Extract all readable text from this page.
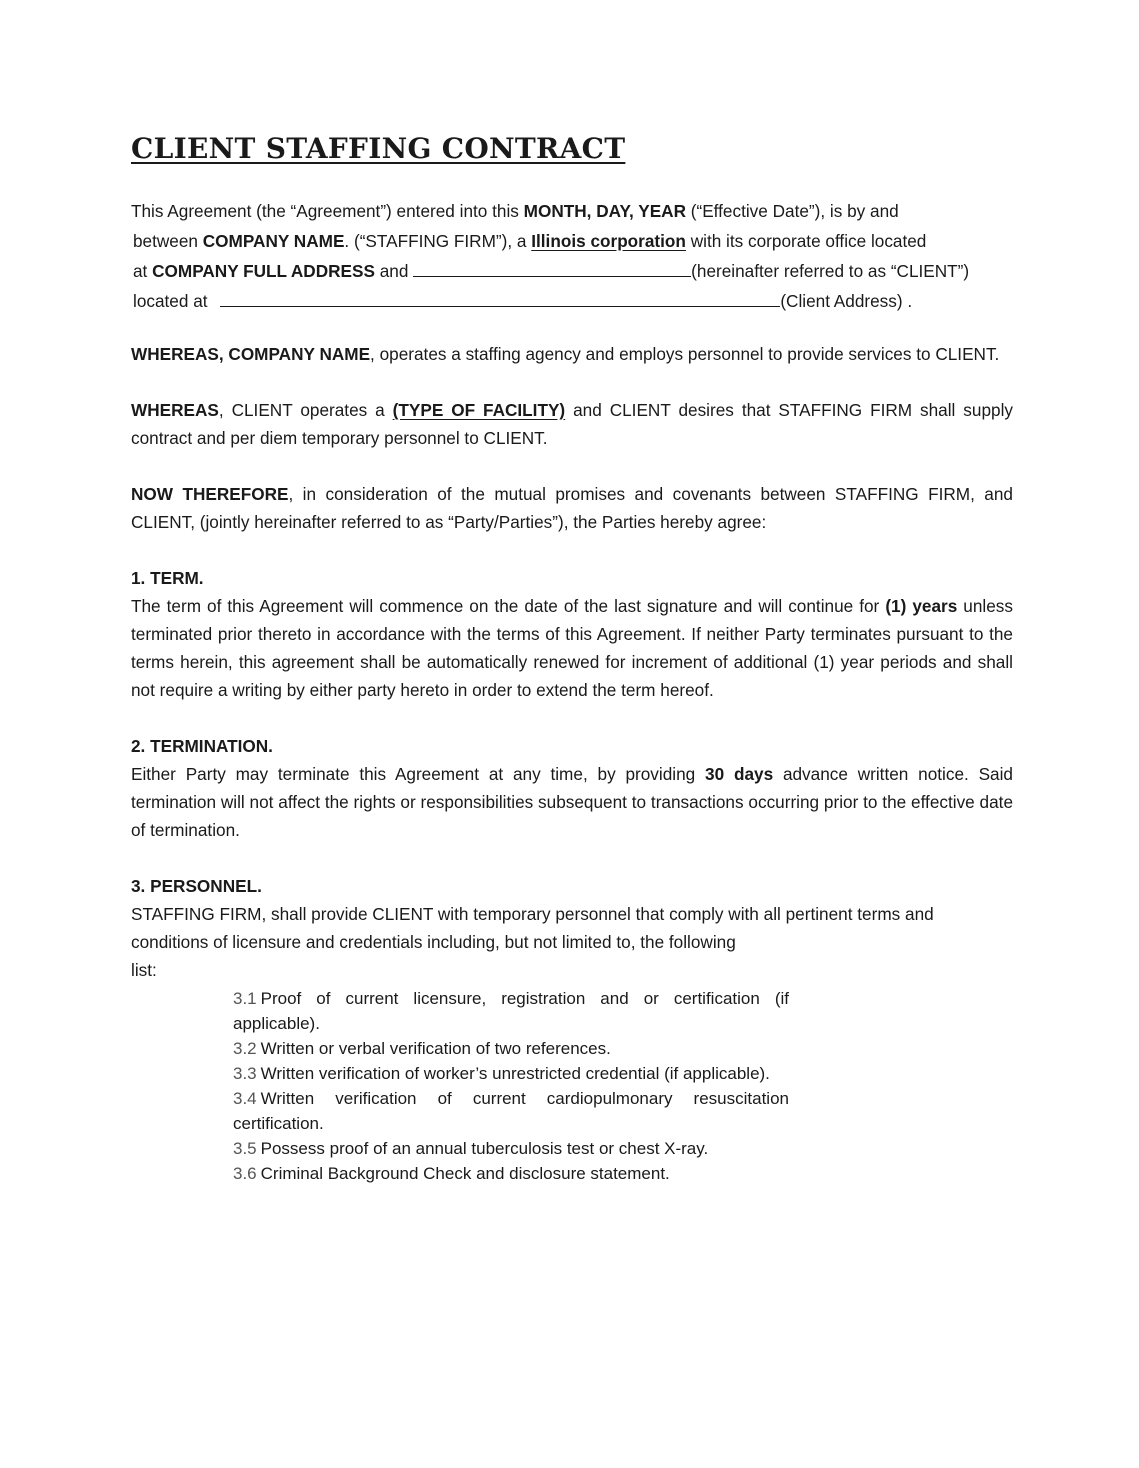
CLIENT STAFFING CONTRACT
This Agreement (the “Agreement”) entered into this MONTH, DAY, YEAR (“Effective Date”), is by and
between COMPANY NAME. (“STAFFING FIRM”), a Illinois corporation with its corporate office located
at COMPANY FULL ADDRESS and	(hereinafter referred to as “CLIENT”)
located at	(Client Address) .

WHEREAS, COMPANY NAME, operates a staffing agency and employs personnel to provide services to CLIENT.

WHEREAS, CLIENT operates a (TYPE OF FACILITY) and CLIENT desires that STAFFING FIRM shall supply contract and per diem temporary personnel to CLIENT.

NOW THEREFORE, in consideration of the mutual promises and covenants between STAFFING FIRM, and CLIENT, (jointly hereinafter referred to as “Party/Parties”), the Parties hereby agree:

1. TERM.

The term of this Agreement will commence on the date of the last signature and will continue for (1) years unless terminated prior thereto in accordance with the terms of this Agreement. If neither Party terminates pursuant to the terms herein, this agreement shall be automatically renewed for increment of additional (1) year periods and shall not require a writing by either party hereto in order to extend the term hereof.

2. TERMINATION.

Either Party may terminate this Agreement at any time, by providing 30 days advance written notice. Said termination will not affect the rights or responsibilities subsequent to transactions occurring prior to the effective date of termination.

3. PERSONNEL.

STAFFING FIRM, shall provide CLIENT with temporary personnel that comply with all pertinent terms and
conditions of licensure and credentials including, but not limited to, the following
list:
3.1 Proof of current licensure, registration and or certification (if applicable).
3.2 Written or verbal verification of two references.
3.3 Written verification of worker’s unrestricted credential (if applicable).
3.4 Written verification of current cardiopulmonary resuscitation certification.
3.5 Possess proof of an annual tuberculosis test or chest X-ray.
3.6 Criminal Background Check and disclosure statement.
